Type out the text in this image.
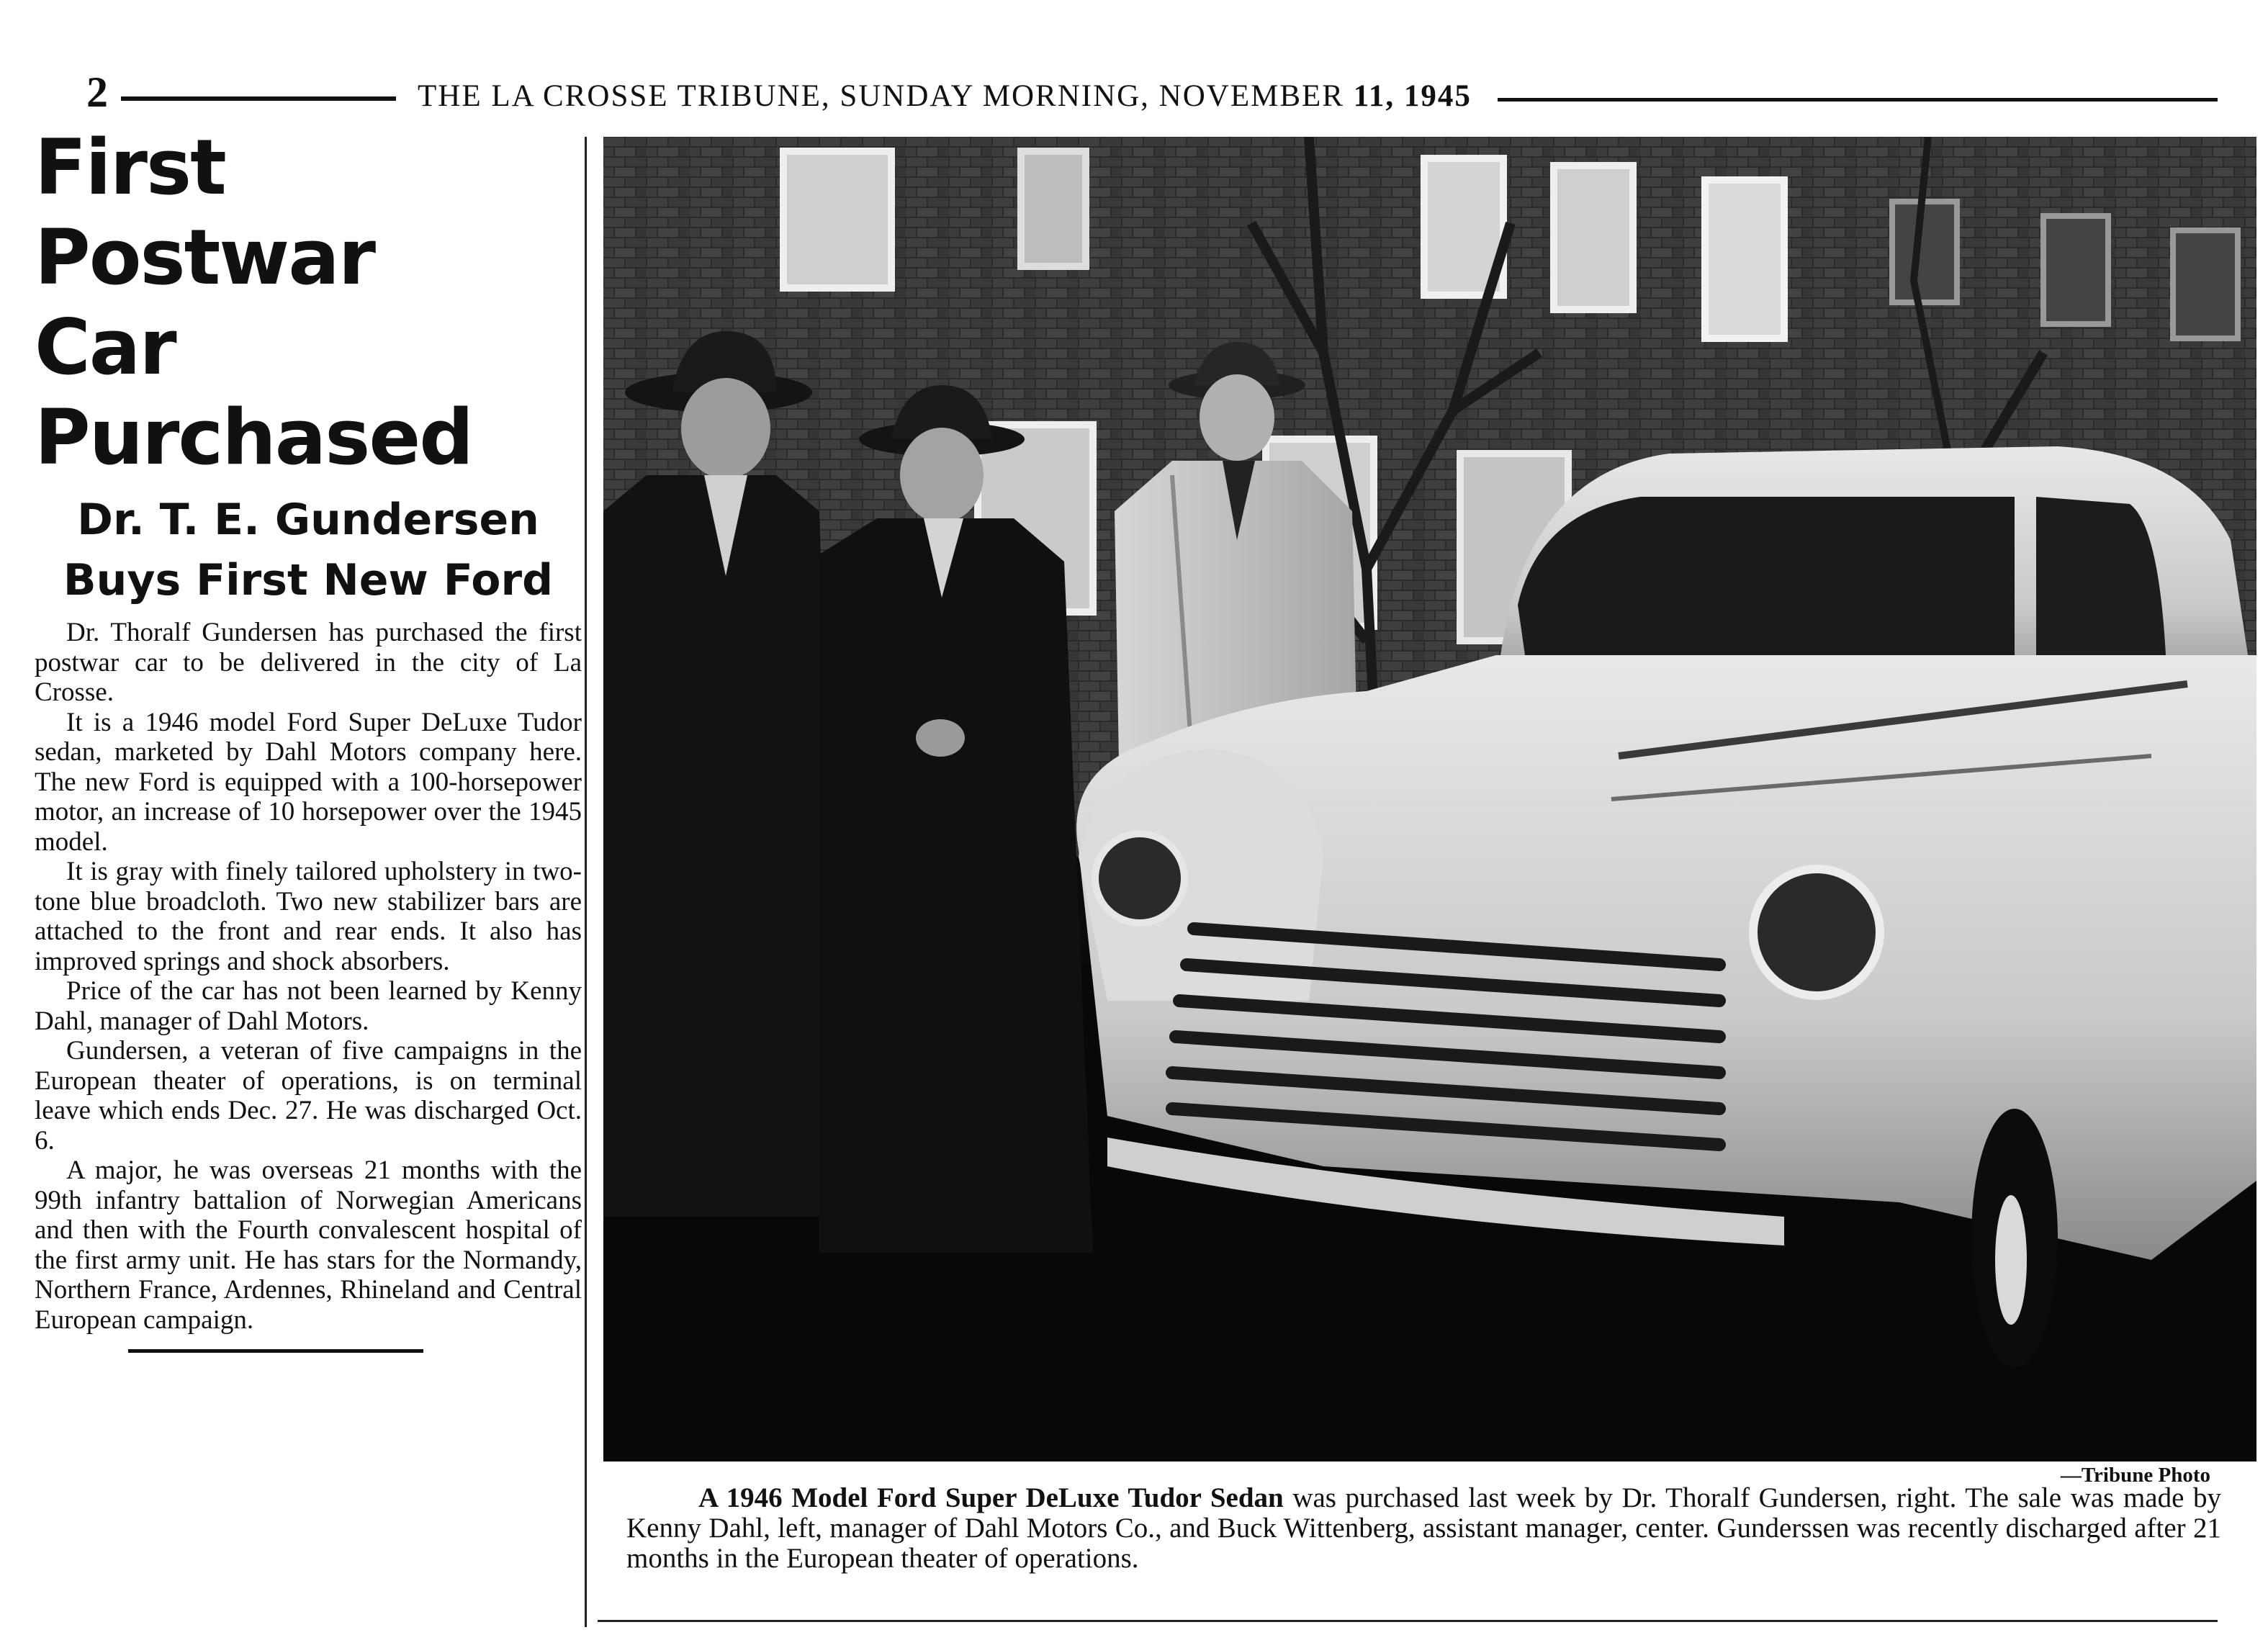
2	THE LA CROSSE TRIBUNE, SUNDAY MORNING, NOVEMBER 11, 1945
First Postwar
Car Purchased
Dr. T. E. Gundersen
Buys First New Ford

Dr. Thoralf Gundersen has purchased the first postwar car to be delivered in the city of La Crosse.

It is a 1946 model Ford Super DeLuxe Tudor sedan, marketed by Dahl Motors company here. The new Ford is equipped with a 100-horsepower motor, an increase of 10 horsepower over the 1945 model.

It is gray with finely tailored upholstery in two-tone blue broadcloth. Two new stabilizer bars are attached to the front and rear ends. It also has improved springs and shock absorbers.

Price of the car has not been learned by Kenny Dahl, manager of Dahl Motors.

Gundersen, a veteran of five campaigns in the European theater of operations, is on terminal leave which ends Dec. 27. He was discharged Oct. 6.

A major, he was overseas 21 months with the 99th infantry battalion of Norwegian Americans and then with the Fourth convalescent hospital of the first army unit. He has stars for the Normandy, Northern France, Ardennes, Rhineland and Central European campaign.

—Tribune Photo
A 1946 Model Ford Super DeLuxe Tudor Sedan was purchased last week by Dr. Thoralf Gundersen, right. The sale was made by Kenny Dahl, left, manager of Dahl Motors Co., and Buck Wittenberg, assistant manager, center. Gunderssen was recently discharged after 21 months in the European theater of operations.
